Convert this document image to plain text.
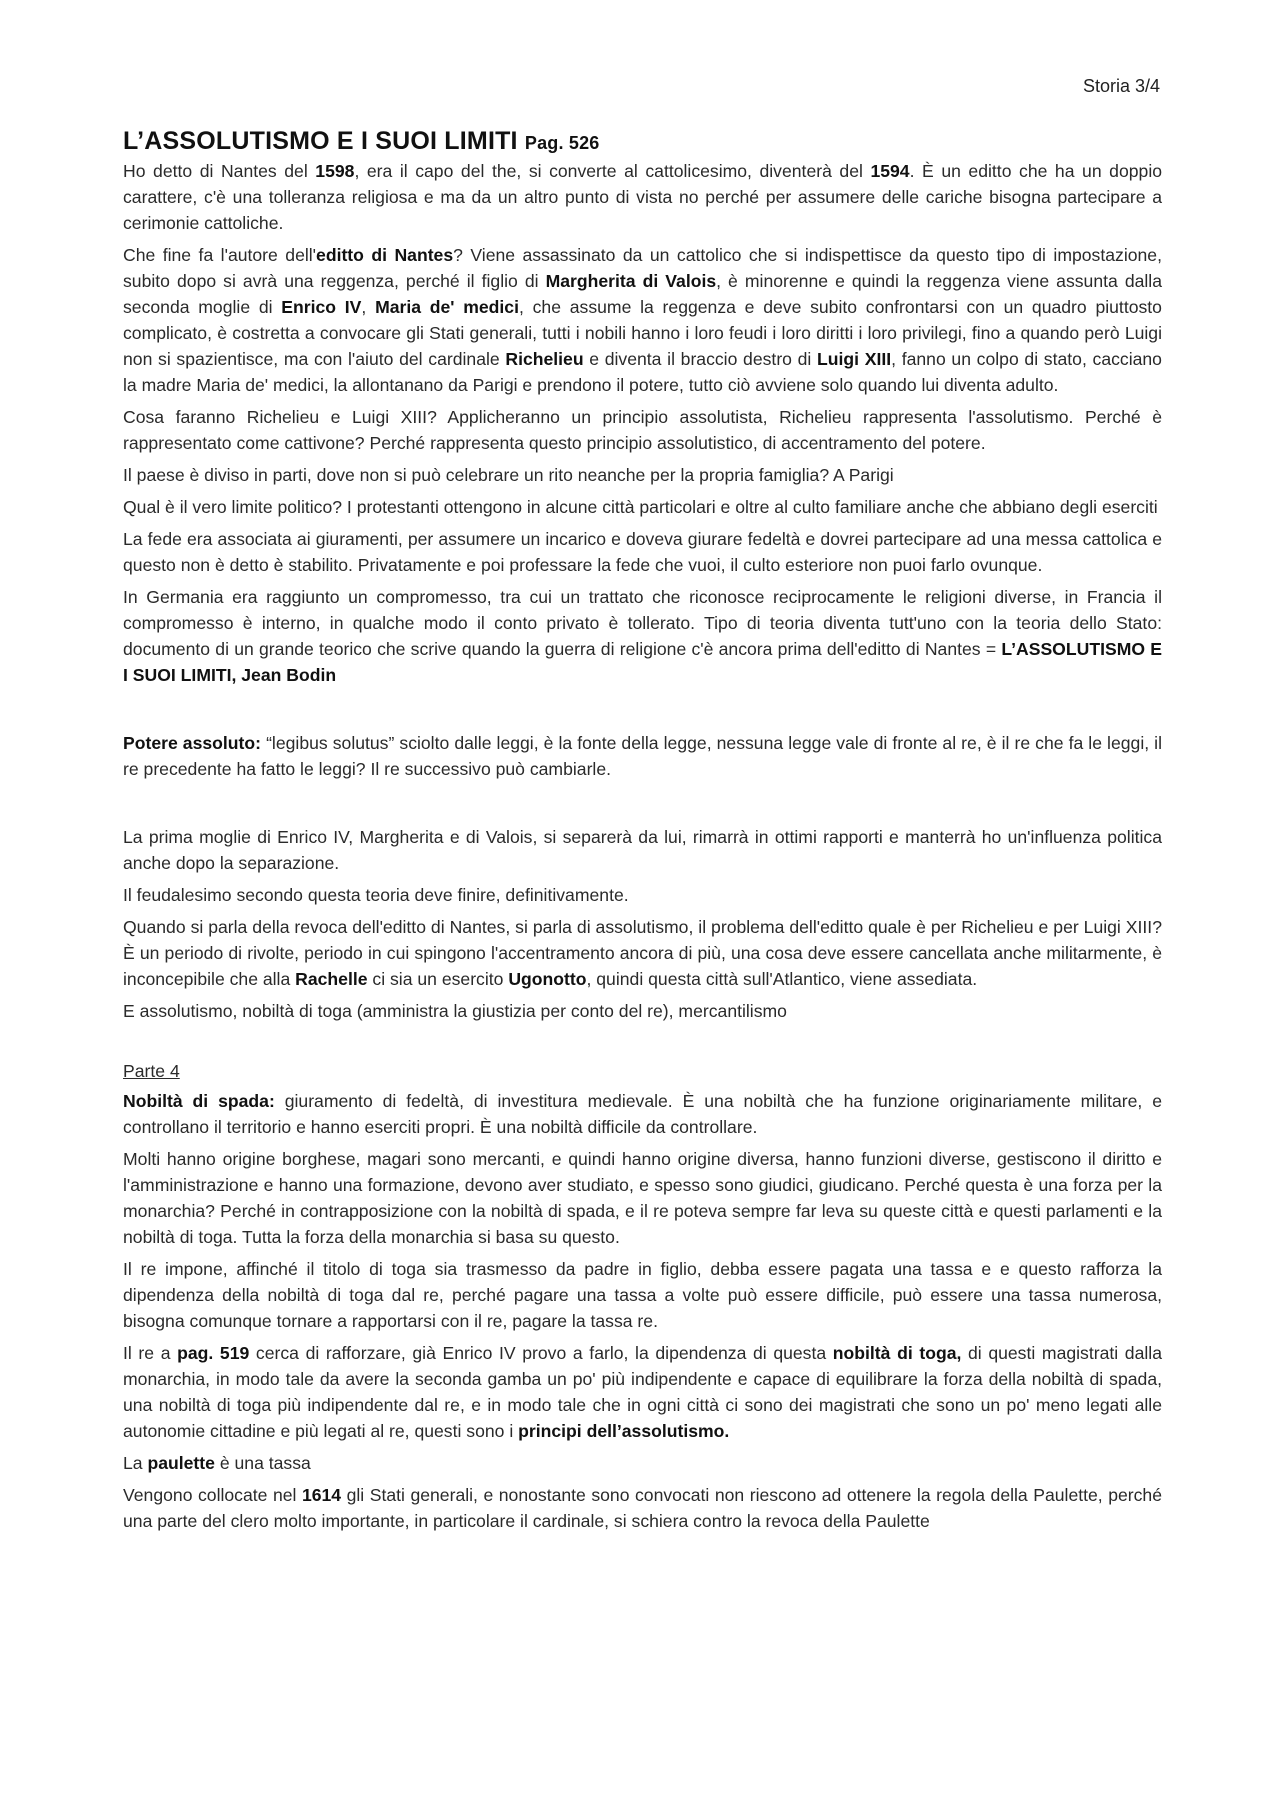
Storia 3/4
L’ASSOLUTISMO E I SUOI LIMITI Pag. 526

Ho detto di Nantes del 1598, era il capo del the, si converte al cattolicesimo, diventerà del 1594. È un editto che ha un doppio carattere, c'è una tolleranza religiosa e ma da un altro punto di vista no perché per assumere delle cariche bisogna partecipare a cerimonie cattoliche.

Che fine fa l'autore dell'editto di Nantes? Viene assassinato da un cattolico che si indispettisce da questo tipo di impostazione, subito dopo si avrà una reggenza, perché il figlio di Margherita di Valois, è minorenne e quindi la reggenza viene assunta dalla seconda moglie di Enrico IV, Maria de' medici, che assume la reggenza e deve subito confrontarsi con un quadro piuttosto complicato, è costretta a convocare gli Stati generali, tutti i nobili hanno i loro feudi i loro diritti i loro privilegi, fino a quando però Luigi non si spazientisce, ma con l'aiuto del cardinale Richelieu e diventa il braccio destro di Luigi XIII, fanno un colpo di stato, cacciano la madre Maria de' medici, la allontanano da Parigi e prendono il potere, tutto ciò avviene solo quando lui diventa adulto.

Cosa faranno Richelieu e Luigi XIII? Applicheranno un principio assolutista, Richelieu rappresenta l'assolutismo. Perché è rappresentato come cattivone? Perché rappresenta questo principio assolutistico, di accentramento del potere.

Il paese è diviso in parti, dove non si può celebrare un rito neanche per la propria famiglia? A Parigi

Qual è il vero limite politico? I protestanti ottengono in alcune città particolari e oltre al culto familiare anche che abbiano degli eserciti

La fede era associata ai giuramenti, per assumere un incarico e doveva giurare fedeltà e dovrei partecipare ad una messa cattolica e questo non è detto è stabilito. Privatamente e poi professare la fede che vuoi, il culto esteriore non puoi farlo ovunque.

In Germania era raggiunto un compromesso, tra cui un trattato che riconosce reciprocamente le religioni diverse, in Francia il compromesso è interno, in qualche modo il conto privato è tollerato. Tipo di teoria diventa tutt'uno con la teoria dello Stato: documento di un grande teorico che scrive quando la guerra di religione c'è ancora prima dell'editto di Nantes = L’ASSOLUTISMO E I SUOI LIMITI, Jean Bodin

Potere assoluto: “legibus solutus” sciolto dalle leggi, è la fonte della legge, nessuna legge vale di fronte al re, è il re che fa le leggi, il re precedente ha fatto le leggi? Il re successivo può cambiarle.

La prima moglie di Enrico IV, Margherita e di Valois, si separerà da lui, rimarrà in ottimi rapporti e manterrà ho un'influenza politica anche dopo la separazione.

Il feudalesimo secondo questa teoria deve finire, definitivamente.

Quando si parla della revoca dell'editto di Nantes, si parla di assolutismo, il problema dell'editto quale è per Richelieu e per Luigi XIII? È un periodo di rivolte, periodo in cui spingono l'accentramento ancora di più, una cosa deve essere cancellata anche militarmente, è inconcepibile che alla Rachelle ci sia un esercito Ugonotto, quindi questa città sull'Atlantico, viene assediata.

E assolutismo, nobiltà di toga (amministra la giustizia per conto del re), mercantilismo

Parte 4

Nobiltà di spada: giuramento di fedeltà, di investitura medievale. È una nobiltà che ha funzione originariamente militare, e controllano il territorio e hanno eserciti propri. È una nobiltà difficile da controllare.

Molti hanno origine borghese, magari sono mercanti, e quindi hanno origine diversa, hanno funzioni diverse, gestiscono il diritto e l'amministrazione e hanno una formazione, devono aver studiato, e spesso sono giudici, giudicano. Perché questa è una forza per la monarchia? Perché in contrapposizione con la nobiltà di spada, e il re poteva sempre far leva su queste città e questi parlamenti e la nobiltà di toga. Tutta la forza della monarchia si basa su questo.

Il re impone, affinché il titolo di toga sia trasmesso da padre in figlio, debba essere pagata una tassa e e questo rafforza la dipendenza della nobiltà di toga dal re, perché pagare una tassa a volte può essere difficile, può essere una tassa numerosa, bisogna comunque tornare a rapportarsi con il re, pagare la tassa re.

Il re a pag. 519 cerca di rafforzare, già Enrico IV provo a farlo, la dipendenza di questa nobiltà di toga, di questi magistrati dalla monarchia, in modo tale da avere la seconda gamba un po' più indipendente e capace di equilibrare la forza della nobiltà di spada, una nobiltà di toga più indipendente dal re, e in modo tale che in ogni città ci sono dei magistrati che sono un po' meno legati alle autonomie cittadine e più legati al re, questi sono i principi dell’assolutismo.

La paulette è una tassa

Vengono collocate nel 1614 gli Stati generali, e nonostante sono convocati non riescono ad ottenere la regola della Paulette, perché una parte del clero molto importante, in particolare il cardinale, si schiera contro la revoca della Paulette
